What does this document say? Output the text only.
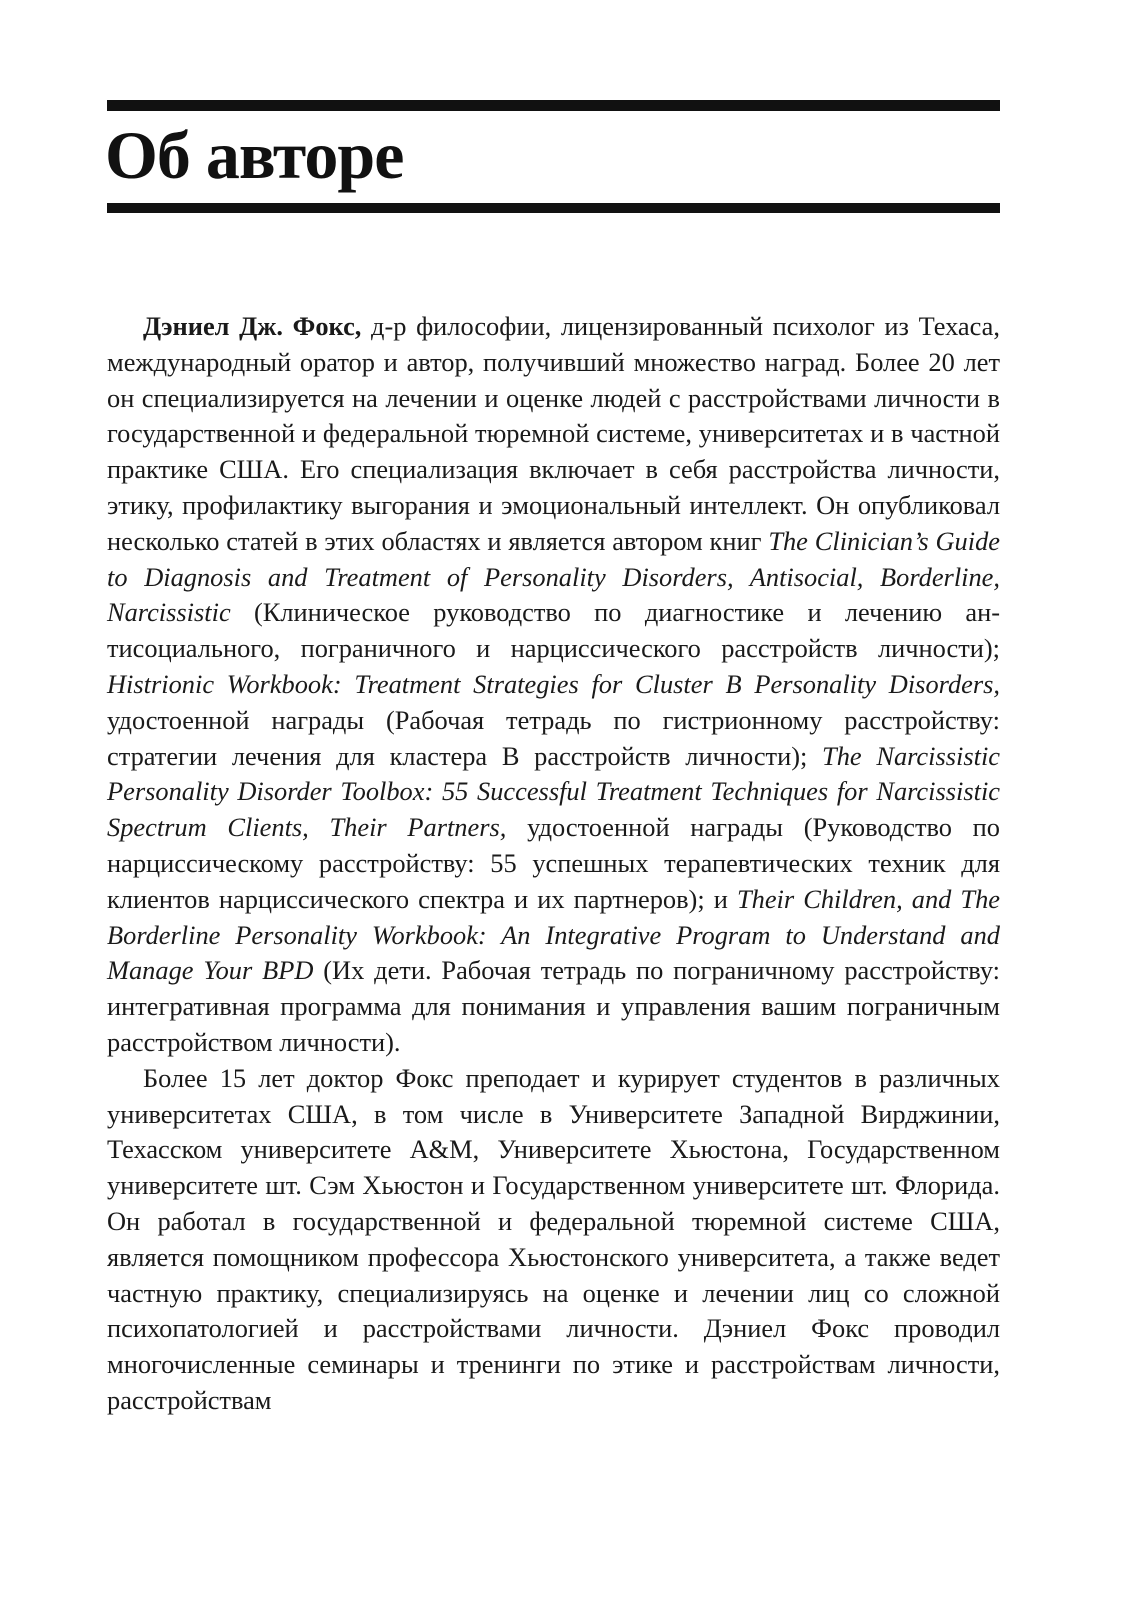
Об авторе

Дэниел Дж. Фокс, д-р философии, лицензированный психолог из Техаса, международный оратор и автор, получивший множество наград. Более 20 лет он специализируется на лечении и оценке людей с расстройствами личности в государственной и федеральной тюремной системе, университетах и в частной практике США. Его специализация включает в себя расстройства личности, этику, профилактику выгорания и эмоциональный интеллект. Он опубликовал несколько статей в этих областях и является автором книг The Clinician’s Guide to Diagnosis and Treatment of Personality Disorders, Antisocial, Borderline, Narcissistic (Клиническое руководство по диагностике и лечению антисоциального, пограничного и нарциссического расстройств личности); Histrionic Workbook: Treatment Strategies for Cluster B Personality Disorders, удостоенной награды (Рабочая тетрадь по гистрионному расстройству: стратегии лечения для кластера В расстройств личности); The Narcissistic Personality Disorder Toolbox: 55 Successful Treatment Techniques for Narcissistic Spectrum Clients, Their Partners, удостоенной награды (Руководство по нарциссическому расстройству: 55 успешных терапевтических техник для клиентов нарциссического спектра и их партнеров); и Their Children, and The Borderline Personality Workbook: An Integrative Program to Understand and Manage Your BPD (Их дети. Рабочая тетрадь по пограничному расстройству: интегративная программа для понимания и управления вашим пограничным расстройством личности).

Более 15 лет доктор Фокс преподает и курирует студентов в различных университетах США, в том числе в Университете Западной Вирджинии, Техасском университете A&M, Университете Хьюстона, Государственном университете шт. Сэм Хьюстон и Государственном университете шт. Флорида. Он работал в государственной и федеральной тюремной системе США, является помощником профессора Хьюстонского университета, а также ведет частную практику, специализируясь на оценке и лечении лиц со сложной психопатологией и расстройствами личности. Дэниел Фокс проводил многочисленные семинары и тренинги по этике и расстройствам личности, расстройствам
